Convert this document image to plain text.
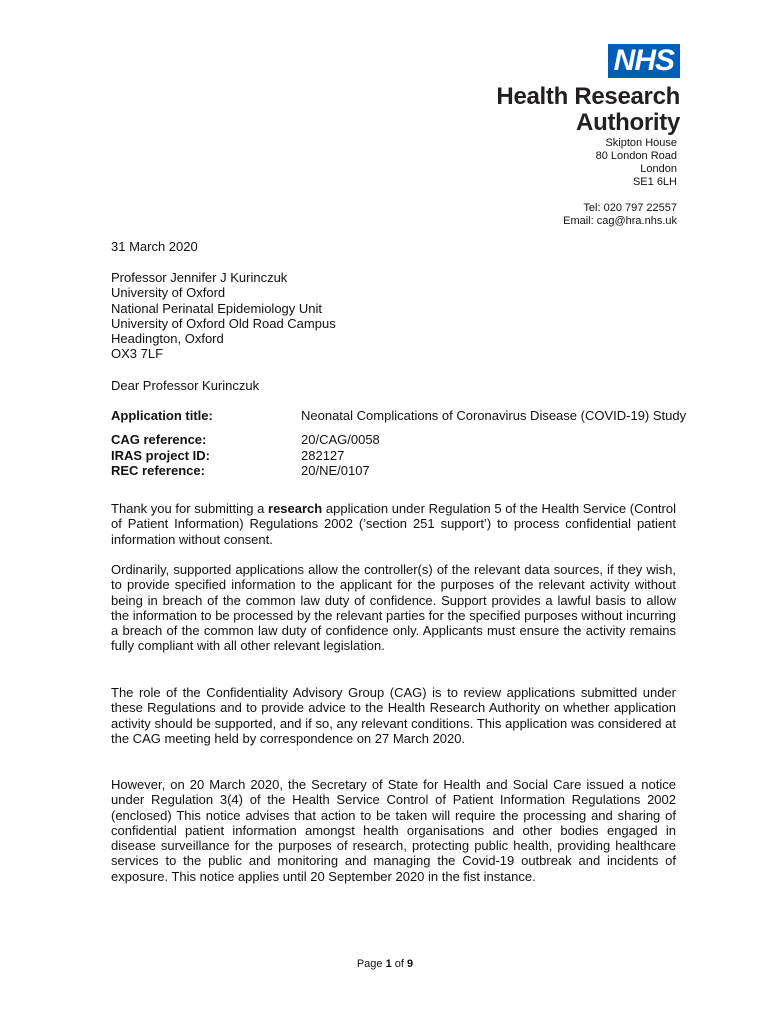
NHS
Health Research
Authority
Skipton House
80 London Road
London
SE1 6LH
Tel: 020 797 22557
Email: cag@hra.nhs.uk
31 March 2020
Professor Jennifer J Kurinczuk
University of Oxford
National Perinatal Epidemiology Unit
University of Oxford Old Road Campus
Headington, Oxford
OX3 7LF
Dear Professor Kurinczuk
Application title:	Neonatal Complications of Coronavirus Disease (COVID-19) Study
CAG reference:	20/CAG/0058
IRAS project ID:	282127
REC reference:	20/NE/0107

Thank you for submitting a research application under Regulation 5 of the Health Service (Control of Patient Information) Regulations 2002 (’section 251 support’) to process confidential patient information without consent.

Ordinarily, supported applications allow the controller(s) of the relevant data sources, if they wish, to provide specified information to the applicant for the purposes of the relevant activity without being in breach of the common law duty of confidence. Support provides a lawful basis to allow the information to be processed by the relevant parties for the specified purposes without incurring a breach of the common law duty of confidence only. Applicants must ensure the activity remains fully compliant with all other relevant legislation.

The role of the Confidentiality Advisory Group (CAG) is to review applications submitted under these Regulations and to provide advice to the Health Research Authority on whether application activity should be supported, and if so, any relevant conditions. This application was considered at the CAG meeting held by correspondence on 27 March 2020.

However, on 20 March 2020, the Secretary of State for Health and Social Care issued a notice under Regulation 3(4) of the Health Service Control of Patient Information Regulations 2002 (enclosed) This notice advises that action to be taken will require the processing and sharing of confidential patient information amongst health organisations and other bodies engaged in disease surveillance for the purposes of research, protecting public health, providing healthcare services to the public and monitoring and managing the Covid-19 outbreak and incidents of exposure. This notice applies until 20 September 2020 in the fist instance.

Page 1 of 9
